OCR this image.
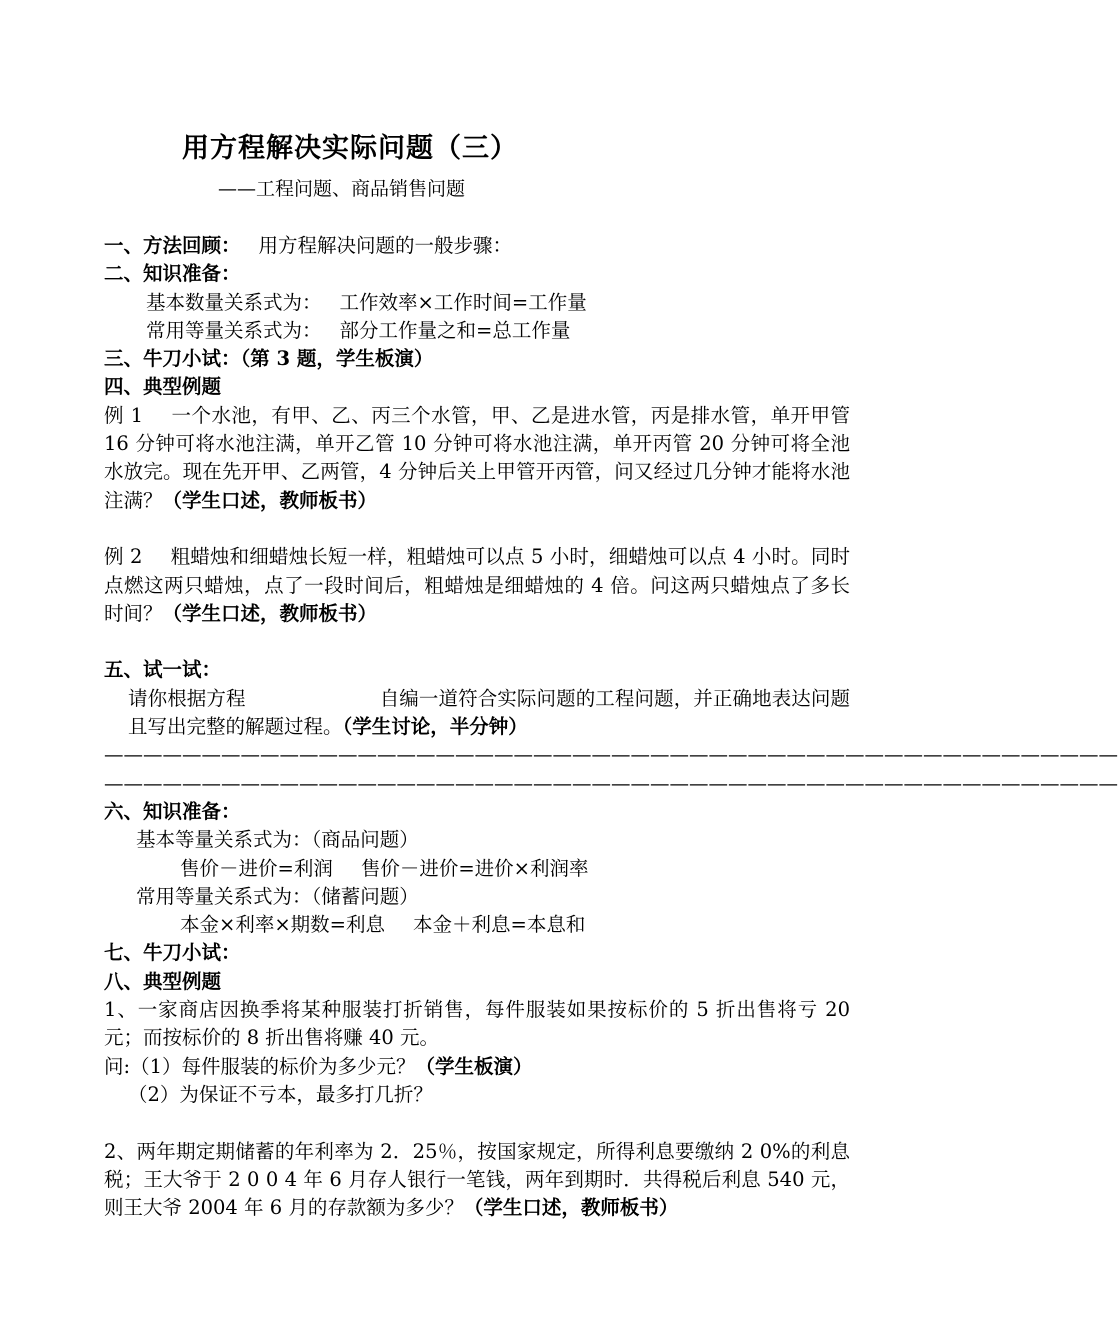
用方程解决实际问题（三）
——工程问题、商品销售问题
一、方法回顾： 用方程解决问题的一般步骤：
二、知识准备：
基本数量关系式为： 工作效率×工作时间=工作量
常用等量关系式为： 部分工作量之和=总工作量
三、牛刀小试：（第 3 题，学生板演）
四、典型例题
例 1 一个水池，有甲、乙、丙三个水管，甲、乙是进水管，丙是排水管，单开甲管 16 分钟可将水池注满，单开乙管 10 分钟可将水池注满，单开丙管 20 分钟可将全池水放完。现在先开甲、乙两管，4 分钟后关上甲管开丙管，问又经过几分钟才能将水池注满？（学生口述，教师板书）
例 2 粗蜡烛和细蜡烛长短一样，粗蜡烛可以点 5 小时，细蜡烛可以点 4 小时。同时点燃这两只蜡烛，点了一段时间后，粗蜡烛是细蜡烛的 4 倍。问这两只蜡烛点了多长时间？（学生口述，教师板书）
五、试一试：
请你根据方程	自编一道符合实际问题的工程问题，并正确地表达问题且写出完整的解题过程。（学生讨论，半分钟）
————————————————————————————————————————————————————
————————————————————————————————————————————————————
六、知识准备：
基本等量关系式为：（商品问题）
售价－进价=利润 售价－进价=进价×利润率
常用等量关系式为：（储蓄问题）
本金×利率×期数=利息 本金＋利息=本息和
七、牛刀小试：
八、典型例题
1、一家商店因换季将某种服装打折销售，每件服装如果按标价的 5 折出售将亏 20 元；而按标价的 8 折出售将赚 40 元。
问:（1）每件服装的标价为多少元？（学生板演）
（2）为保证不亏本，最多打几折？
2、两年期定期储蓄的年利率为 2．25％，按国家规定，所得利息要缴纳 2 0%的利息税；王大爷于 2 0 0 4 年 6 月存人银行一笔钱，两年到期时．共得税后利息 540 元，则王大爷 2004 年 6 月的存款额为多少？（学生口述，教师板书）
